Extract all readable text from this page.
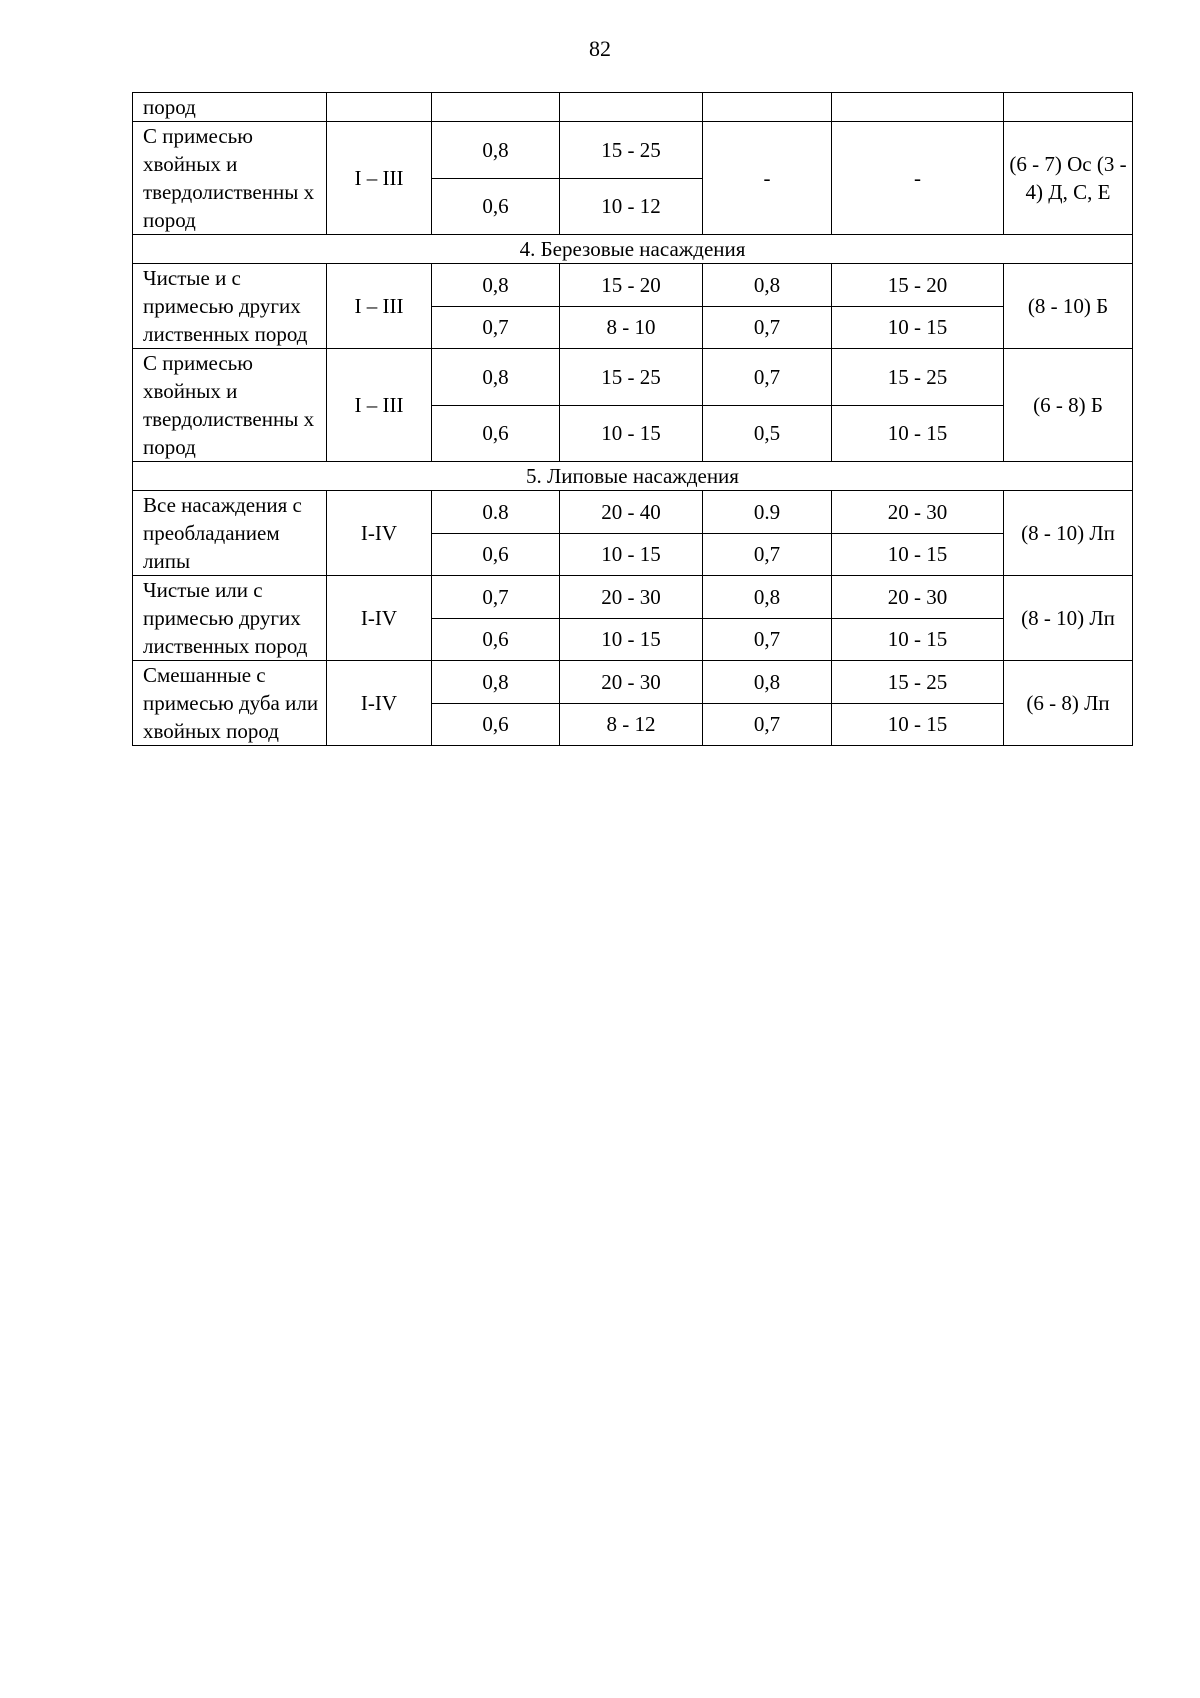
82
пород						
С примесью хвойных и твердолиственны х пород	I – III	0,8	15 - 25	-	-	(6 - 7) Ос (3 - 4) Д, С, Е
		0,6	10 - 12			
4. Березовые насаждения						
Чистые и с примесью других лиственных пород	I – III	0,8	15 - 20	0,8	15 - 20	(8 - 10) Б
		0,7	8 - 10	0,7	10 - 15	
С примесью хвойных и твердолиственны х пород	I – III	0,8	15 - 25	0,7	15 - 25	(6 - 8) Б
		0,6	10 - 15	0,5	10 - 15	
5. Липовые насаждения						
Все насаждения с преобладанием липы	I-IV	0.8	20 - 40	0.9	20 - 30	(8 - 10) Лп
		0,6	10 - 15	0,7	10 - 15	
Чистые или с примесью других лиственных пород	I-IV	0,7	20 - 30	0,8	20 - 30	(8 - 10) Лп
		0,6	10 - 15	0,7	10 - 15	
Смешанные с примесью дуба или хвойных пород	I-IV	0,8	20 - 30	0,8	15 - 25	(6 - 8) Лп
		0,6	8 - 12	0,7	10 - 15	
